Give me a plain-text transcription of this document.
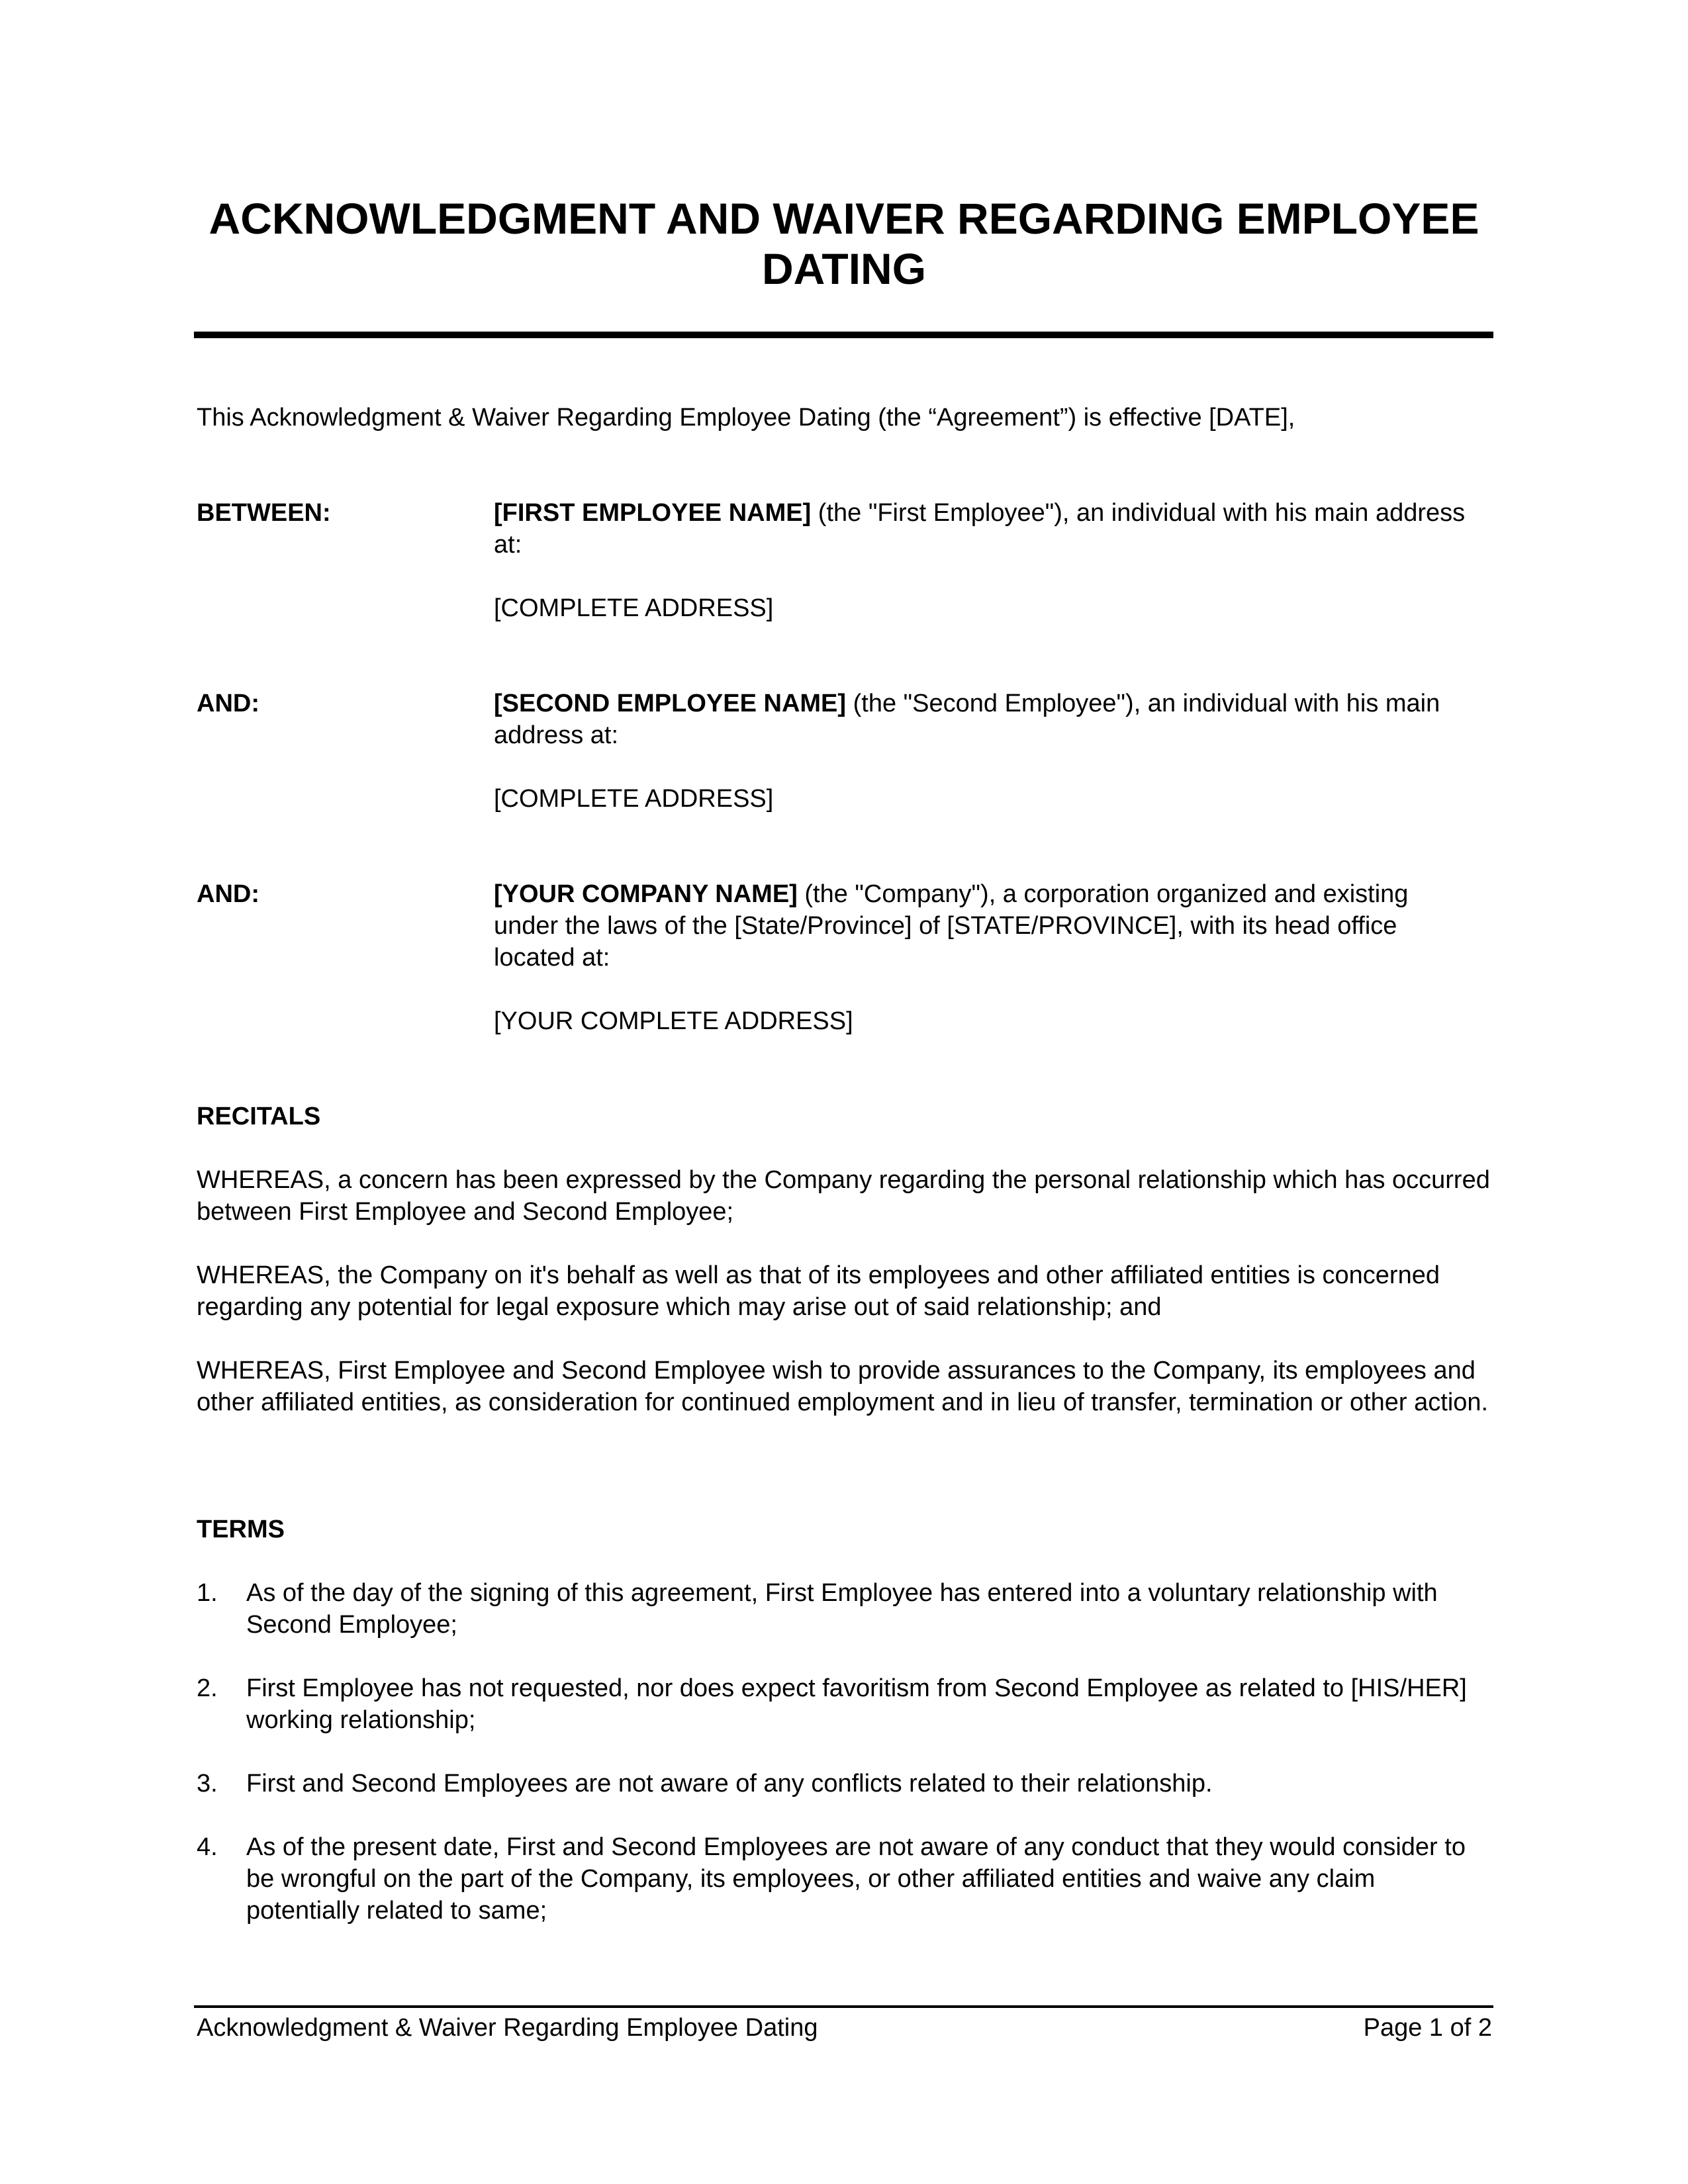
ACKNOWLEDGMENT AND WAIVER REGARDING EMPLOYEE
DATING

This Acknowledgment & Waiver Regarding Employee Dating (the “Agreement”) is effective [DATE],

BETWEEN:	[FIRST EMPLOYEE NAME] (the "First Employee"), an individual with his main address at:

[COMPLETE ADDRESS]

AND:	[SECOND EMPLOYEE NAME] (the "Second Employee"), an individual with his main address at:

[COMPLETE ADDRESS]

AND:	[YOUR COMPANY NAME] (the "Company"), a corporation organized and existing under the laws of the [State/Province] of [STATE/PROVINCE], with its head office located at:

[YOUR COMPLETE ADDRESS]

RECITALS

WHEREAS, a concern has been expressed by the Company regarding the personal relationship which has occurred between First Employee and Second Employee;

WHEREAS, the Company on it's behalf as well as that of its employees and other affiliated entities is concerned regarding any potential for legal exposure which may arise out of said relationship; and

WHEREAS, First Employee and Second Employee wish to provide assurances to the Company, its employees and other affiliated entities, as consideration for continued employment and in lieu of transfer, termination or other action.

TERMS

1. As of the day of the signing of this agreement, First Employee has entered into a voluntary relationship with Second Employee;

2. First Employee has not requested, nor does expect favoritism from Second Employee as related to [HIS/HER] working relationship;

3. First and Second Employees are not aware of any conflicts related to their relationship.

4. As of the present date, First and Second Employees are not aware of any conduct that they would consider to be wrongful on the part of the Company, its employees, or other affiliated entities and waive any claim potentially related to same;

Acknowledgment & Waiver Regarding Employee Dating	Page 1 of 2
